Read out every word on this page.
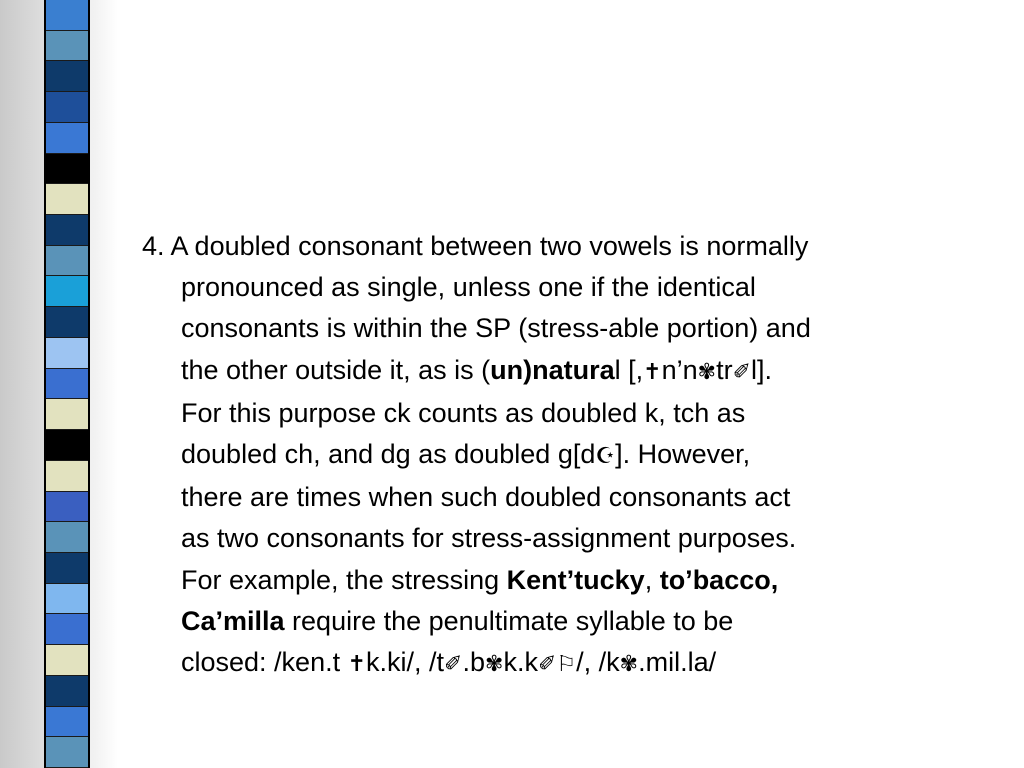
4. A doubled consonant between two vowels is normally
pronounced as single, unless one if the identical
consonants is within the SP (stress-able portion) and
the other outside it, as is (un)natural [,✝n’n✾tr✐l].
For this purpose ck counts as doubled k, tch as
doubled ch, and dg as doubled g[d☪]. However,
there are times when such doubled consonants act
as two consonants for stress-assignment purposes.
For example, the stressing Kent’tucky, to’bacco,
Ca’milla require the penultimate syllable to be
closed: /ken.t ✝k.ki/, /t✐.b✾k.k✐⚐/, /k✾.mil.la/
